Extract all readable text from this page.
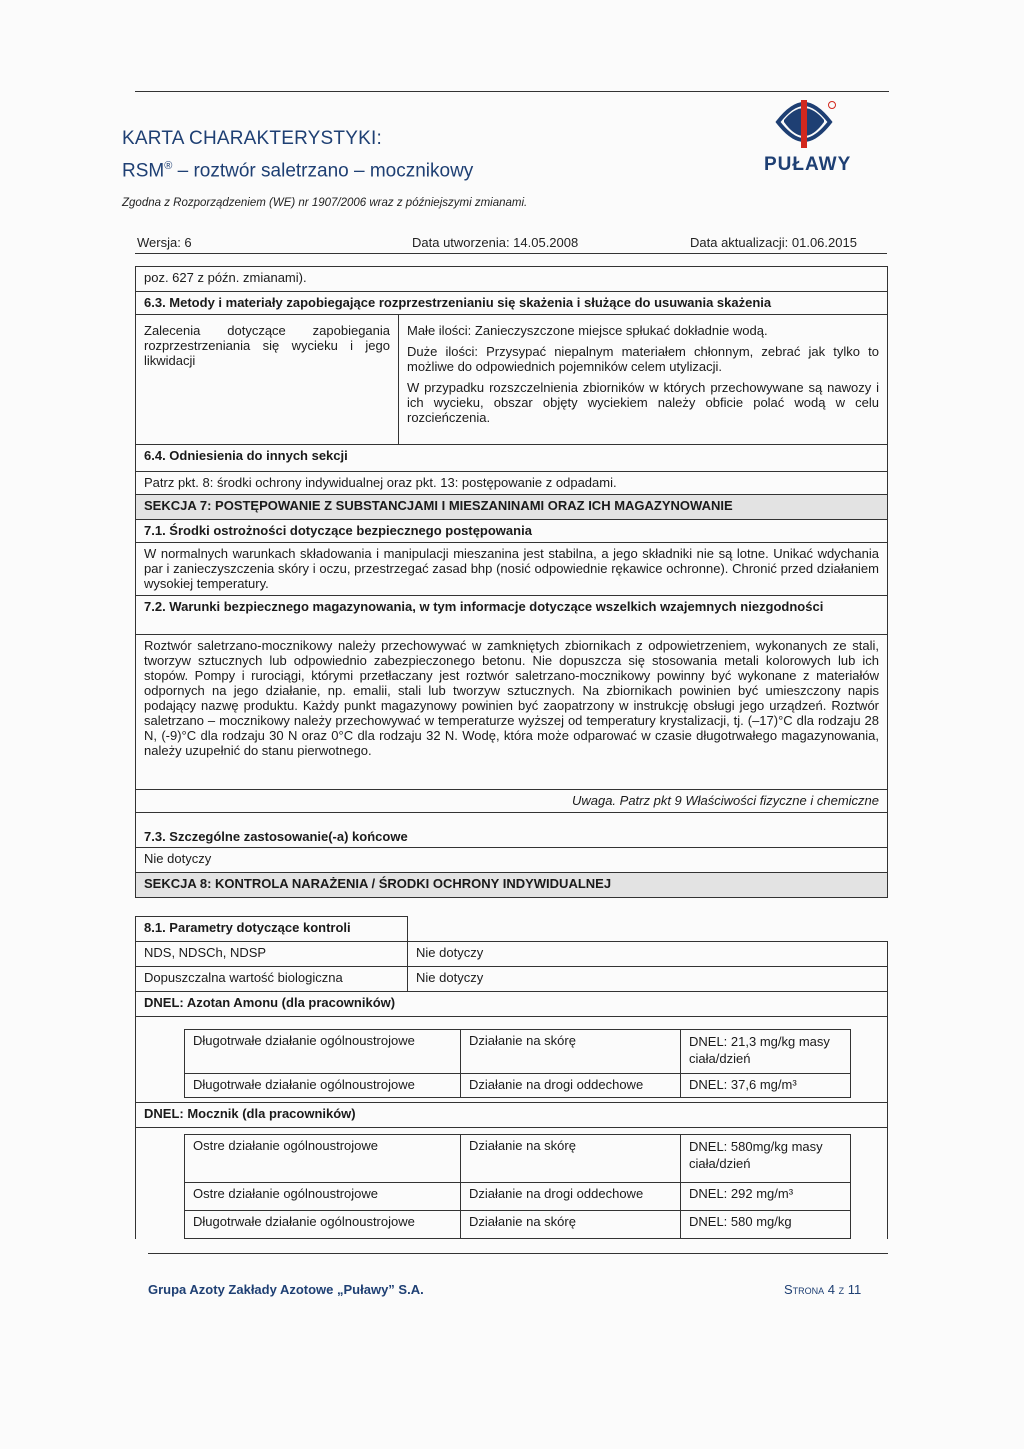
KARTA CHARAKTERYSTYKI:
RSM® – roztwór saletrzano – mocznikowy
Zgodna z Rozporządzeniem (WE) nr 1907/2006 wraz z późniejszymi zmianami.
PUŁAWY
Wersja: 6	Data utworzenia: 14.05.2008	Data aktualizacji: 01.06.2015
poz. 627 z późn. zmianami).
6.3. Metody i materiały zapobiegające rozprzestrzenianiu się skażenia i służące do usuwania skażenia
Zalecenia dotyczące zapobiegania rozprzestrzeniania się wycieku i jego likwidacji	
Małe ilości: Zanieczyszczone miejsce spłukać dokładnie wodą.
Duże ilości: Przysypać niepalnym materiałem chłonnym, zebrać jak tylko to możliwe do odpowiednich pojemników celem utylizacji.
W przypadku rozszczelnienia zbiorników w których przechowywane są nawozy i ich wycieku, obszar objęty wyciekiem należy obficie polać wodą w celu rozcieńczenia.

6.4. Odniesienia do innych sekcji
Patrz pkt. 8: środki ochrony indywidualnej oraz pkt. 13: postępowanie z odpadami.
SEKCJA 7: POSTĘPOWANIE Z SUBSTANCJAMI I MIESZANINAMI ORAZ ICH MAGAZYNOWANIE
7.1. Środki ostrożności dotyczące bezpiecznego postępowania
W normalnych warunkach składowania i manipulacji mieszanina jest stabilna, a jego składniki nie są lotne. Unikać wdychania par i zanieczyszczenia skóry i oczu, przestrzegać zasad bhp (nosić odpowiednie rękawice ochronne). Chronić przed działaniem wysokiej temperatury.
7.2. Warunki bezpiecznego magazynowania, w tym informacje dotyczące wszelkich wzajemnych niezgodności
Roztwór saletrzano-mocznikowy należy przechowywać w zamkniętych zbiornikach z odpowietrzeniem, wykonanych ze stali, tworzyw sztucznych lub odpowiednio zabezpieczonego betonu. Nie dopuszcza się stosowania metali kolorowych lub ich stopów. Pompy i rurociągi, którymi przetłaczany jest roztwór saletrzano-mocznikowy powinny być wykonane z materiałów odpornych na jego działanie, np. emalii, stali lub tworzyw sztucznych. Na zbiornikach powinien być umieszczony napis podający nazwę produktu. Każdy punkt magazynowy powinien być zaopatrzony w instrukcję obsługi jego urządzeń. Roztwór saletrzano – mocznikowy należy przechowywać w temperaturze wyższej od temperatury krystalizacji, tj. (–17)°C dla rodzaju 28 N, (-9)°C dla rodzaju 30 N oraz 0°C dla rodzaju 32 N. Wodę, która może odparować w czasie długotrwałego magazynowania, należy uzupełnić do stanu pierwotnego.
Uwaga. Patrz pkt 9 Właściwości fizyczne i chemiczne
7.3. Szczególne zastosowanie(-a) końcowe
Nie dotyczy
SEKCJA 8: KONTROLA NARAŻENIA / ŚRODKI OCHRONY INDYWIDUALNEJ
8.1. Parametry dotyczące kontroli	
NDS, NDSCh, NDSP	Nie dotyczy
Dopuszczalna wartość biologiczna	Nie dotyczy
DNEL: Azotan Amonu (dla pracowników)

Długotrwałe działanie ogólnoustrojowe	Działanie na skórę	DNEL: 21,3 mg/kg masy ciała/dzień
Długotrwałe działanie ogólnoustrojowe	Działanie na drogi oddechowe	DNEL: 37,6 mg/m³

DNEL: Mocznik (dla pracowników)

Ostre działanie ogólnoustrojowe	Działanie na skórę	DNEL: 580mg/kg masy ciała/dzień
Ostre działanie ogólnoustrojowe	Działanie na drogi oddechowe	DNEL: 292 mg/m³
Długotrwałe działanie ogólnoustrojowe	Działanie na skórę	DNEL: 580 mg/kg
Grupa Azoty Zakłady Azotowe „Puławy” S.A.	Strona 4 z 11
